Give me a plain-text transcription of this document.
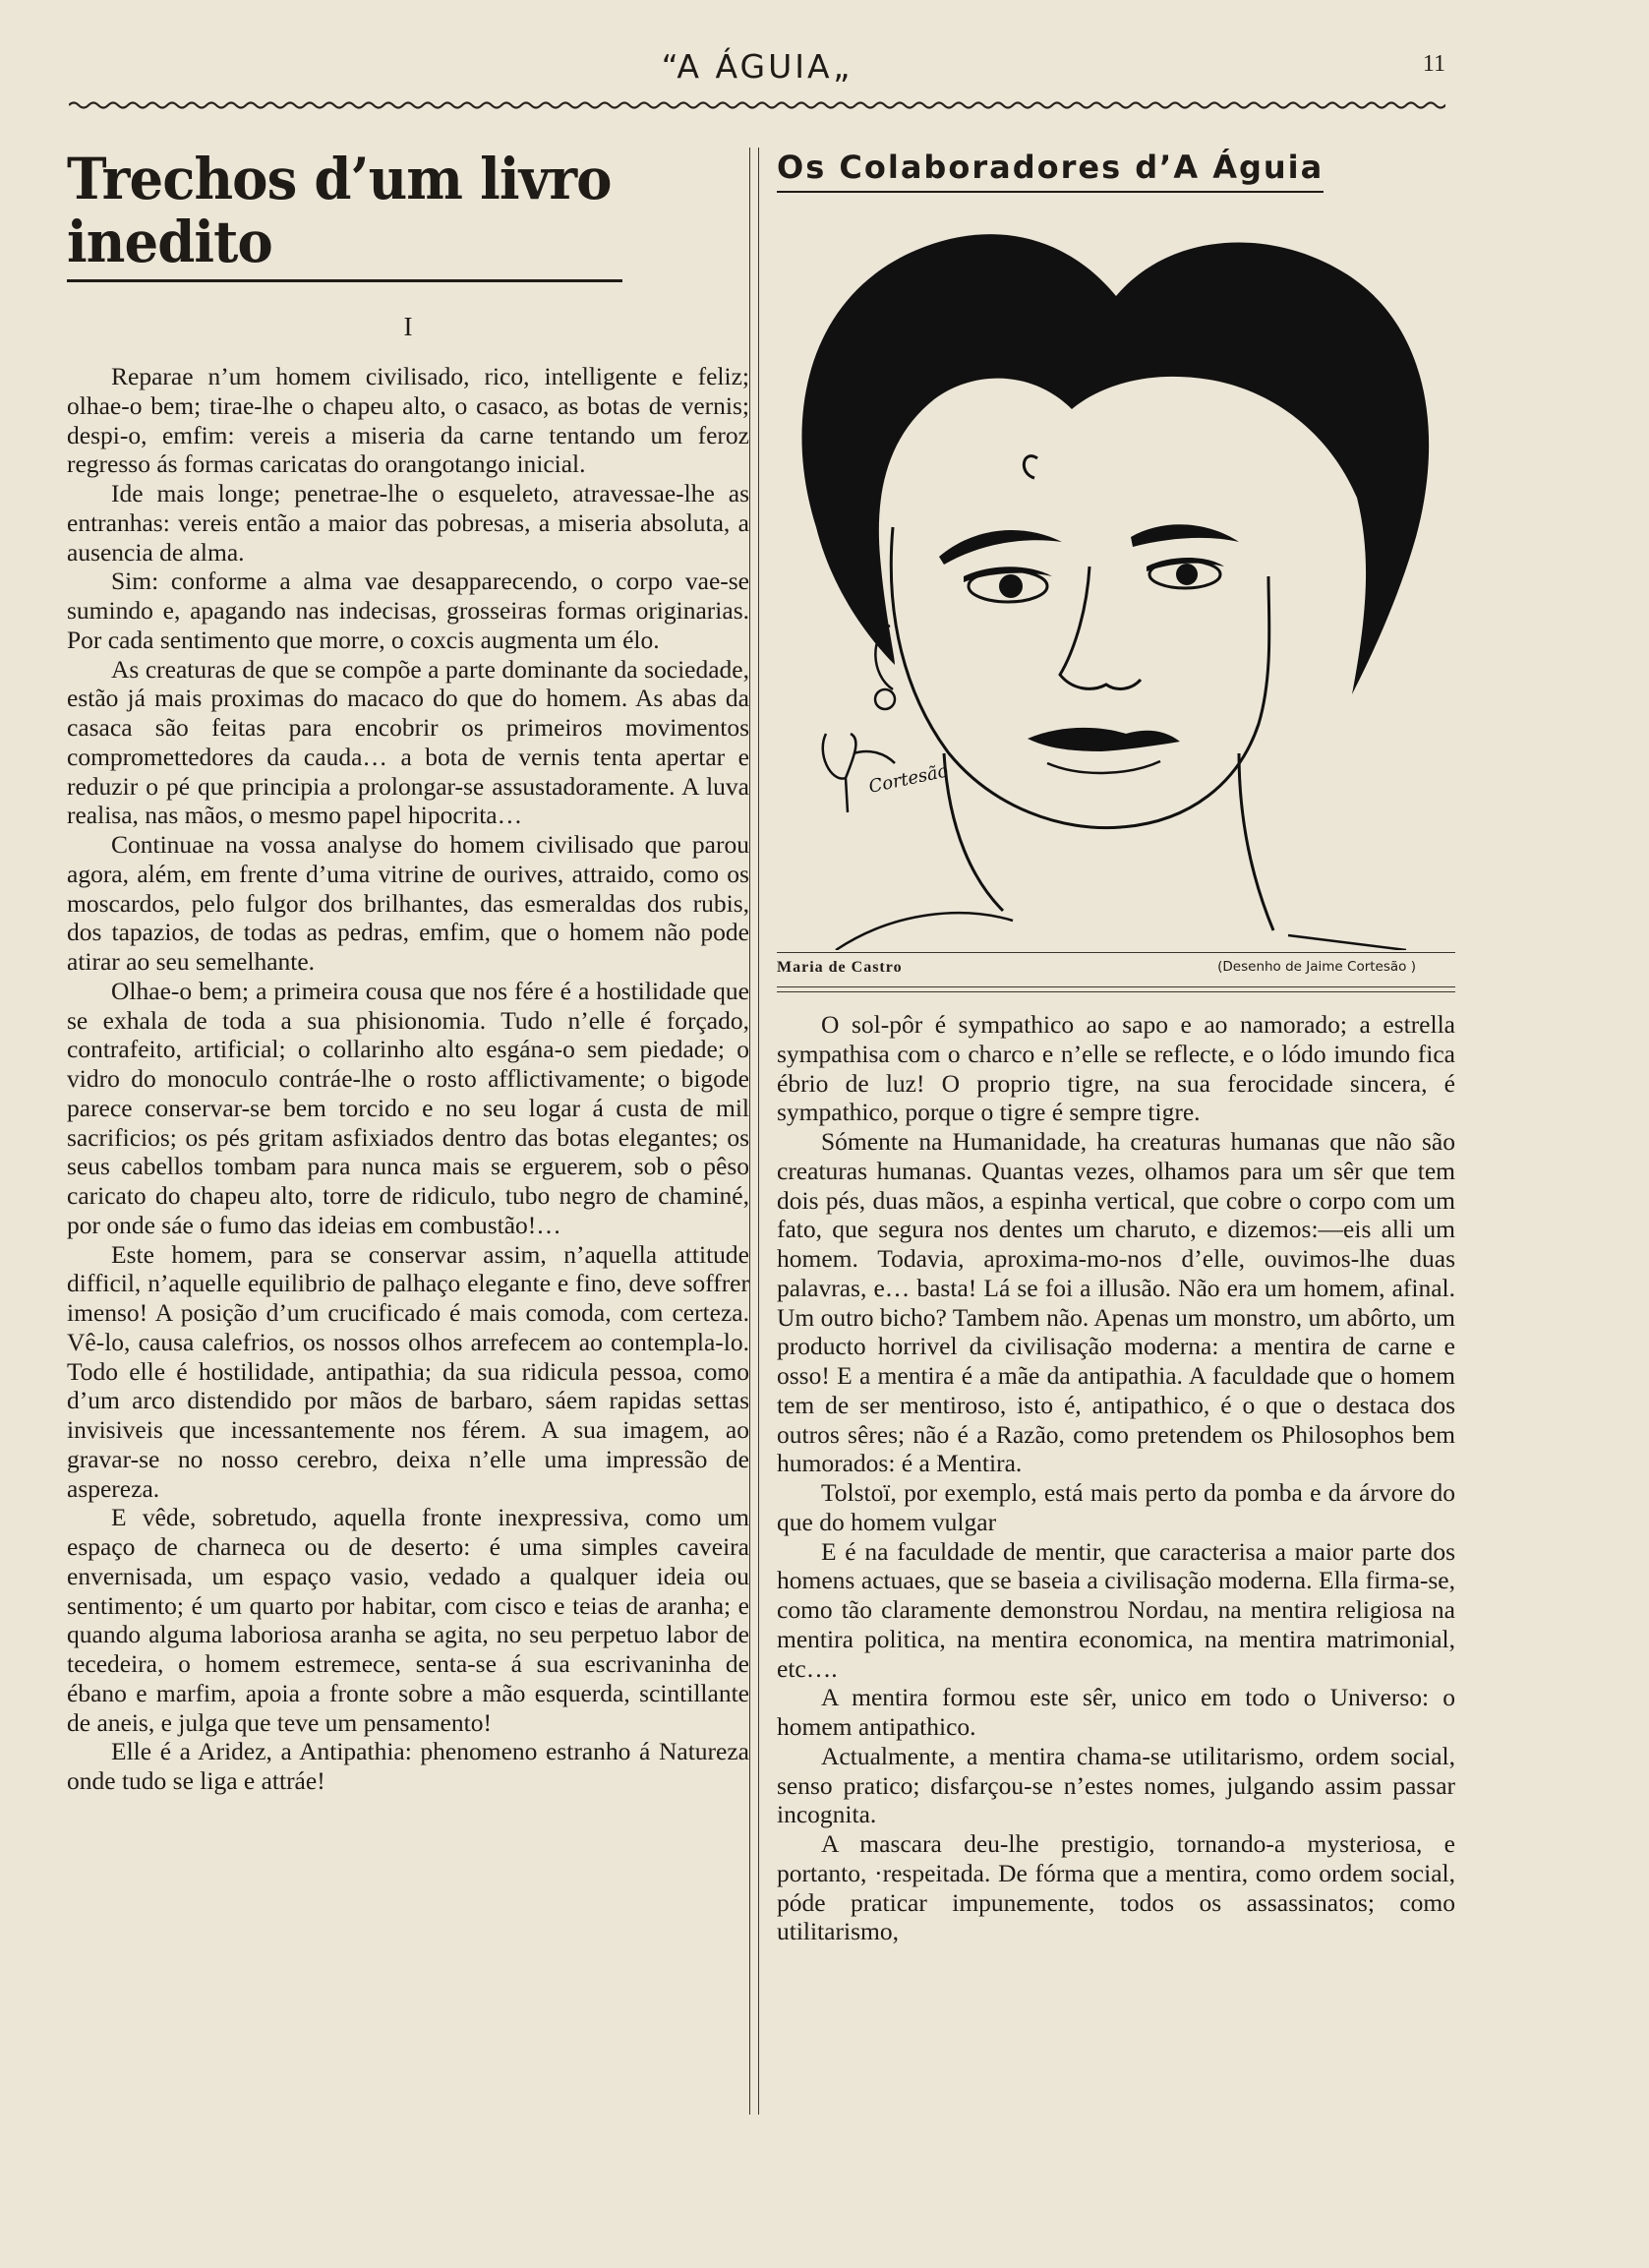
“A ÁGUIA„	11
Trechos d’um livro inedito
I

Reparae n’um homem civilisado, rico, intelligente e feliz; olhae-o bem; tirae-lhe o chapeu alto, o casaco, as botas de vernis; despi-o, emfim: vereis a miseria da carne tentando um feroz regresso ás formas caricatas do orangotango inicial.

Ide mais longe; penetrae-lhe o esqueleto, atravessae-lhe as entranhas: vereis então a maior das pobresas, a miseria absoluta, a ausencia de alma.

Sim: conforme a alma vae desapparecendo, o corpo vae-se sumindo e, apagando nas indecisas, grosseiras formas originarias. Por cada sentimento que morre, o coxcis augmenta um élo.

As creaturas de que se compõe a parte dominante da sociedade, estão já mais proximas do macaco do que do homem. As abas da casaca são feitas para encobrir os primeiros movimentos compromettedores da cauda… a bota de vernis tenta apertar e reduzir o pé que principia a prolongar-se assustadoramente. A luva realisa, nas mãos, o mesmo papel hipocrita…

Continuae na vossa analyse do homem civilisado que parou agora, além, em frente d’uma vitrine de ourives, attraido, como os moscardos, pelo fulgor dos brilhantes, das esmeraldas dos rubis, dos tapazios, de todas as pedras, emfim, que o homem não pode atirar ao seu semelhante.

Olhae-o bem; a primeira cousa que nos fére é a hostilidade que se exhala de toda a sua phisionomia. Tudo n’elle é forçado, contrafeito, artificial; o collarinho alto esgána-o sem piedade; o vidro do monoculo contráe-lhe o rosto afflictivamente; o bigode parece conservar-se bem torcido e no seu logar á custa de mil sacrificios; os pés gritam asfixiados dentro das botas elegantes; os seus cabellos tombam para nunca mais se erguerem, sob o pêso caricato do chapeu alto, torre de ridiculo, tubo negro de chaminé, por onde sáe o fumo das ideias em combustão!…

Este homem, para se conservar assim, n’aquella attitude difficil, n’aquelle equilibrio de palhaço elegante e fino, deve soffrer imenso! A posição d’um crucificado é mais comoda, com certeza. Vê-lo, causa calefrios, os nossos olhos arrefecem ao contempla-lo. Todo elle é hostilidade, antipathia; da sua ridicula pessoa, como d’um arco distendido por mãos de barbaro, sáem rapidas settas invisiveis que incessantemente nos férem. A sua imagem, ao gravar-se no nosso cerebro, deixa n’elle uma impressão de aspereza.

E vêde, sobretudo, aquella fronte inexpressiva, como um espaço de charneca ou de deserto: é uma simples caveira envernisada, um espaço vasio, vedado a qualquer ideia ou sentimento; é um quarto por habitar, com cisco e teias de aranha; e quando alguma laboriosa aranha se agita, no seu perpetuo labor de tecedeira, o homem estremece, senta-se á sua escrivaninha de ébano e marfim, apoia a fronte sobre a mão esquerda, scintillante de aneis, e julga que teve um pensamento!

Elle é a Aridez, a Antipathia: phenomeno estranho á Natureza onde tudo se liga e attráe!

Os Colaboradores d’A Águia
Cortesão
Maria de Castro	(Desenho de Jaime Cortesão )

O sol-pôr é sympathico ao sapo e ao namorado; a estrella sympathisa com o charco e n’elle se reflecte, e o lódo imundo fica ébrio de luz! O proprio tigre, na sua ferocidade sincera, é sympathico, porque o tigre é sempre tigre.

Sómente na Humanidade, ha creaturas humanas que não são creaturas humanas. Quantas vezes, olhamos para um sêr que tem dois pés, duas mãos, a espinha vertical, que cobre o corpo com um fato, que segura nos dentes um charuto, e dizemos:—eis alli um homem. Todavia, aproxima-mo-nos d’elle, ouvimos-lhe duas palavras, e… basta! Lá se foi a illusão. Não era um homem, afinal. Um outro bicho? Tambem não. Apenas um monstro, um abôrto, um producto horrivel da civilisação moderna: a mentira de carne e osso! E a mentira é a mãe da antipathia. A faculdade que o homem tem de ser mentiroso, isto é, antipathico, é o que o destaca dos outros sêres; não é a Razão, como pretendem os Philosophos bem humorados: é a Mentira.

Tolstoï, por exemplo, está mais perto da pomba e da árvore do que do homem vulgar

E é na faculdade de mentir, que caracterisa a maior parte dos homens actuaes, que se baseia a civilisação moderna. Ella firma-se, como tão claramente demonstrou Nordau, na mentira religiosa na mentira politica, na mentira economica, na mentira matrimonial, etc….

A mentira formou este sêr, unico em todo o Universo: o homem antipathico.

Actualmente, a mentira chama-se utilitarismo, ordem social, senso pratico; disfarçou-se n’estes nomes, julgando assim passar incognita.

A mascara deu-lhe prestigio, tornando-a mysteriosa, e portanto, ·respeitada. De fórma que a mentira, como ordem social, póde praticar impunemente, todos os assassinatos; como utilitarismo,
